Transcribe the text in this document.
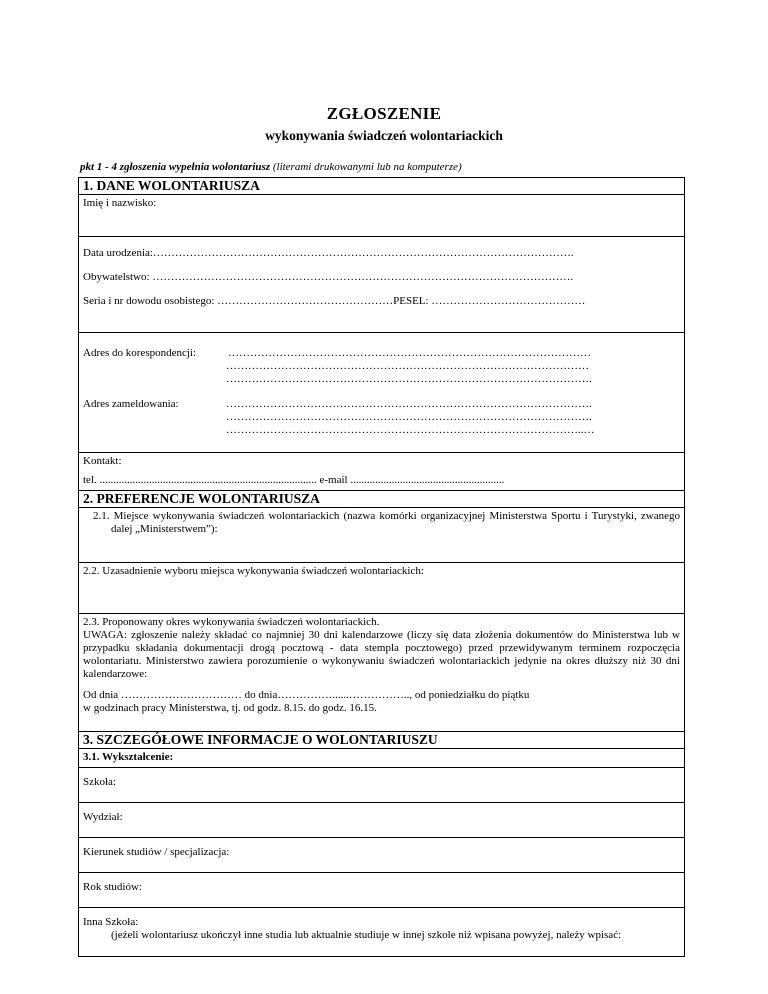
ZGŁOSZENIE
wykonywania świadczeń wolontariackich
pkt 1 - 4 zgłoszenia wypełnia wolontariusz (literami drukowanymi lub na komputerze)
1. DANE WOLONTARIUSZA
Imię i nazwisko:
Data urodzenia:…………………………………………………………………………………………………….
Obywatelstwo: …………………………………………………………………………………………………….
Seria i nr dowodu osobistego: …………………………………………PESEL: ……………………………………
Adres do korespondencji:	………………………………………………………………………………………
………………………………………………………………………………………
……………………………………………………………………………………….
Adres zameldowania:	……………………………………………………………………………………….
……………………………………………………………………………………….
……………………………………………………………………………………..…
Kontakt:
tel. ............................................................................... e-mail ........................................................
2. PREFERENCJE WOLONTARIUSZA
2.1. Miejsce wykonywania świadczeń wolontariackich (nazwa komórki organizacyjnej Ministerstwa Sportu i Turystyki, zwanego dalej „Ministerstwem”):
2.2. Uzasadnienie wyboru miejsca wykonywania świadczeń wolontariackich:
2.3. Proponowany okres wykonywania świadczeń wolontariackich.
UWAGA: zgłoszenie należy składać co najmniej 30 dni kalendarzowe (liczy się data złożenia dokumentów do Ministerstwa lub w przypadku składania dokumentacji drogą pocztową - data stempla pocztowego) przed przewidywanym terminem rozpoczęcia wolontariatu. Ministerstwo zawiera porozumienie o wykonywaniu świadczeń wolontariackich jedynie na okres dłuższy niż 30 dni kalendarzowe:
Od dnia …………………………… do dnia……………......…………….., od poniedziałku do piątku
w godzinach pracy Ministerstwa, tj. od godz. 8.15. do godz. 16.15.
3. SZCZEGÓŁOWE INFORMACJE O WOLONTARIUSZU
3.1. Wykształcenie:
Szkoła:
Wydział:
Kierunek studiów / specjalizacja:
Rok studiów:
Inna Szkoła:
(jeżeli wolontariusz ukończył inne studia lub aktualnie studiuje w innej szkole niż wpisana powyżej, należy wpisać:
